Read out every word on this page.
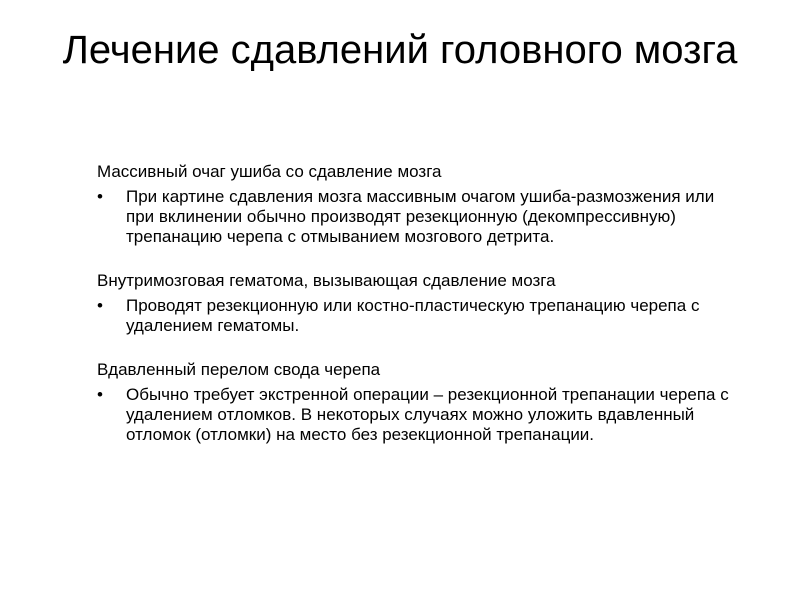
Лечение сдавлений головного мозга
Массивный очаг ушиба со сдавление мозга
•	При картине сдавления мозга массивным очагом ушиба-размозжения или при вклинении обычно производят резекционную (декомпрессивную) трепанацию черепа с отмыванием мозгового детрита.
Внутримозговая гематома, вызывающая сдавление мозга
•	Проводят резекционную или костно-пластическую трепанацию черепа с удалением гематомы.
Вдавленный перелом свода черепа
•	Обычно требует экстренной операции – резекционной трепанации черепа с удалением отломков. В некоторых случаях можно уложить вдавленный отломок (отломки) на место без резекционной трепанации.
